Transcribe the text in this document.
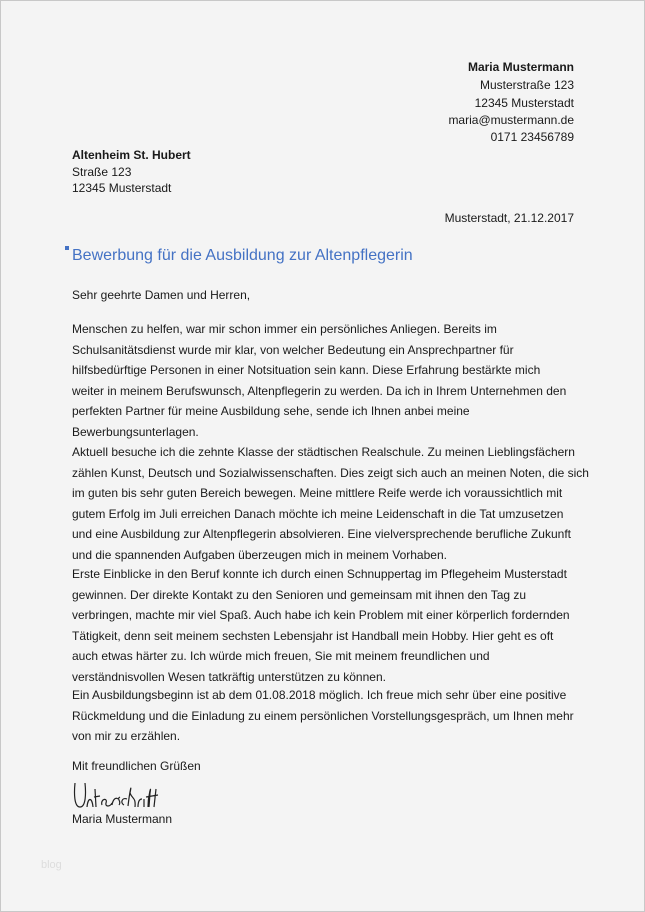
Maria Mustermann
Musterstraße 123
12345 Musterstadt
maria@mustermann.de
0171 23456789
Altenheim St. Hubert
Straße 123
12345 Musterstadt
Musterstadt, 21.12.2017
Bewerbung für die Ausbildung zur Altenpflegerin
Sehr geehrte Damen und Herren,
Menschen zu helfen, war mir schon immer ein persönliches Anliegen. Bereits im
Schulsanitätsdienst wurde mir klar, von welcher Bedeutung ein Ansprechpartner für
hilfsbedürftige Personen in einer Notsituation sein kann. Diese Erfahrung bestärkte mich
weiter in meinem Berufswunsch, Altenpflegerin zu werden. Da ich in Ihrem Unternehmen den
perfekten Partner für meine Ausbildung sehe, sende ich Ihnen anbei meine
Bewerbungsunterlagen.
Aktuell besuche ich die zehnte Klasse der städtischen Realschule. Zu meinen Lieblingsfächern
zählen Kunst, Deutsch und Sozialwissenschaften. Dies zeigt sich auch an meinen Noten, die sich
im guten bis sehr guten Bereich bewegen. Meine mittlere Reife werde ich voraussichtlich mit
gutem Erfolg im Juli erreichen Danach möchte ich meine Leidenschaft in die Tat umzusetzen
und eine Ausbildung zur Altenpflegerin absolvieren. Eine vielversprechende berufliche Zukunft
und die spannenden Aufgaben überzeugen mich in meinem Vorhaben.
Erste Einblicke in den Beruf konnte ich durch einen Schnuppertag im Pflegeheim Musterstadt
gewinnen. Der direkte Kontakt zu den Senioren und gemeinsam mit ihnen den Tag zu
verbringen, machte mir viel Spaß. Auch habe ich kein Problem mit einer körperlich fordernden
Tätigkeit, denn seit meinem sechsten Lebensjahr ist Handball mein Hobby. Hier geht es oft
auch etwas härter zu. Ich würde mich freuen, Sie mit meinem freundlichen und
verständnisvollen Wesen tatkräftig unterstützen zu können.
Ein Ausbildungsbeginn ist ab dem 01.08.2018 möglich. Ich freue mich sehr über eine positive
Rückmeldung und die Einladung zu einem persönlichen Vorstellungsgespräch, um Ihnen mehr
von mir zu erzählen.
Mit freundlichen Grüßen
Maria Mustermann
blog
